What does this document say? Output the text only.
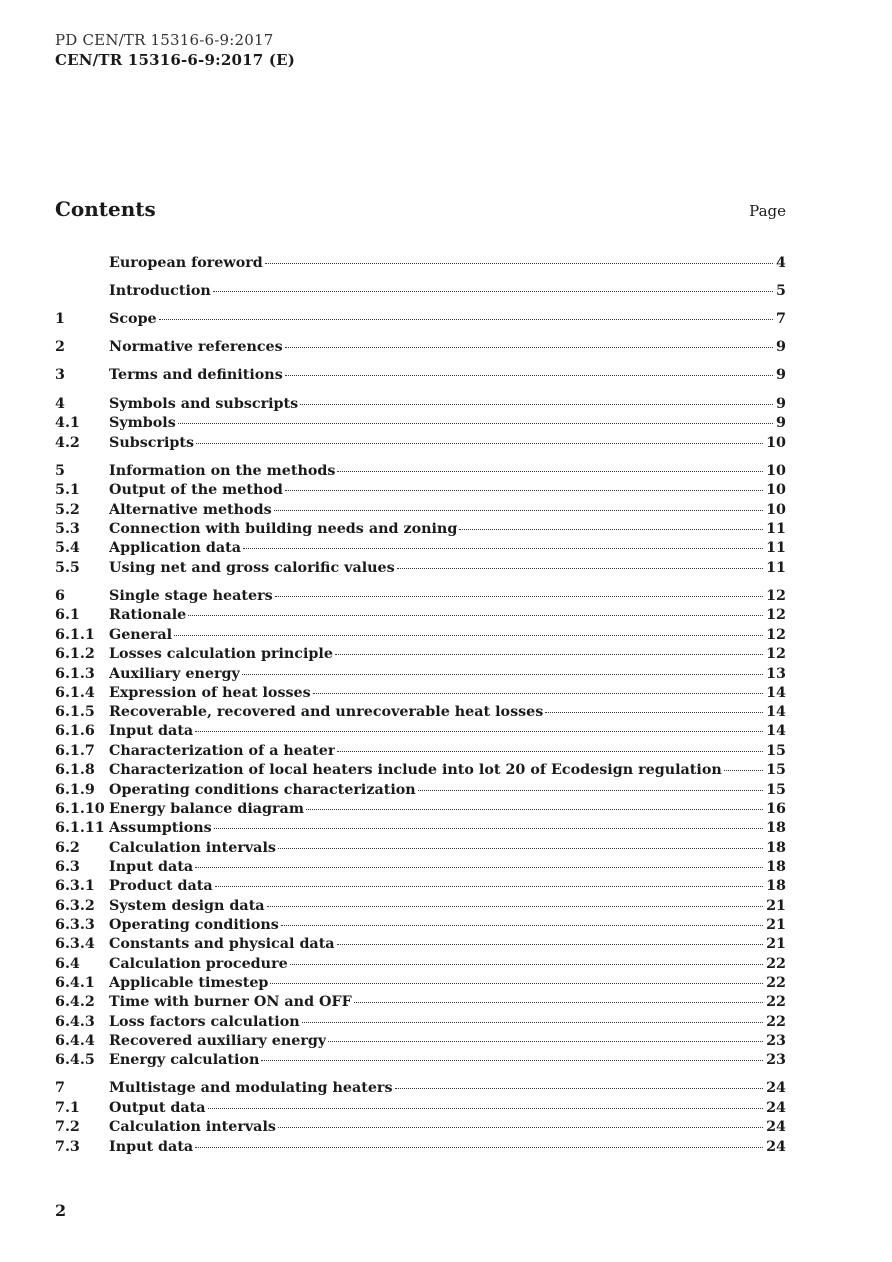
PD CEN/TR 15316-6-9:2017
CEN/TR 15316-6-9:2017 (E)
Contents	Page
European foreword	4
Introduction	5
1	Scope	7
2	Normative references	9
3	Terms and definitions	9
4	Symbols and subscripts	9
4.1	Symbols	9
4.2	Subscripts	10
5	Information on the methods	10
5.1	Output of the method	10
5.2	Alternative methods	10
5.3	Connection with building needs and zoning	11
5.4	Application data	11
5.5	Using net and gross calorific values	11
6	Single stage heaters	12
6.1	Rationale	12
6.1.1 General	12
6.1.2 Losses calculation principle	12
6.1.3 Auxiliary energy	13
6.1.4 Expression of heat losses	14
6.1.5 Recoverable, recovered and unrecoverable heat losses	14
6.1.6 Input data	14
6.1.7 Characterization of a heater	15
6.1.8 Characterization of local heaters include into lot 20 of Ecodesign regulation	15
6.1.9 Operating conditions characterization	15
6.1.10 Energy balance diagram	16
6.1.11 Assumptions	18
6.2	Calculation intervals	18
6.3	Input data	18
6.3.1 Product data	18
6.3.2 System design data	21
6.3.3 Operating conditions	21
6.3.4 Constants and physical data	21
6.4	Calculation procedure	22
6.4.1 Applicable timestep	22
6.4.2 Time with burner ON and OFF	22
6.4.3 Loss factors calculation	22
6.4.4 Recovered auxiliary energy	23
6.4.5 Energy calculation	23
7	Multistage and modulating heaters	24
7.1	Output data	24
7.2	Calculation intervals	24
7.3	Input data	24
2
